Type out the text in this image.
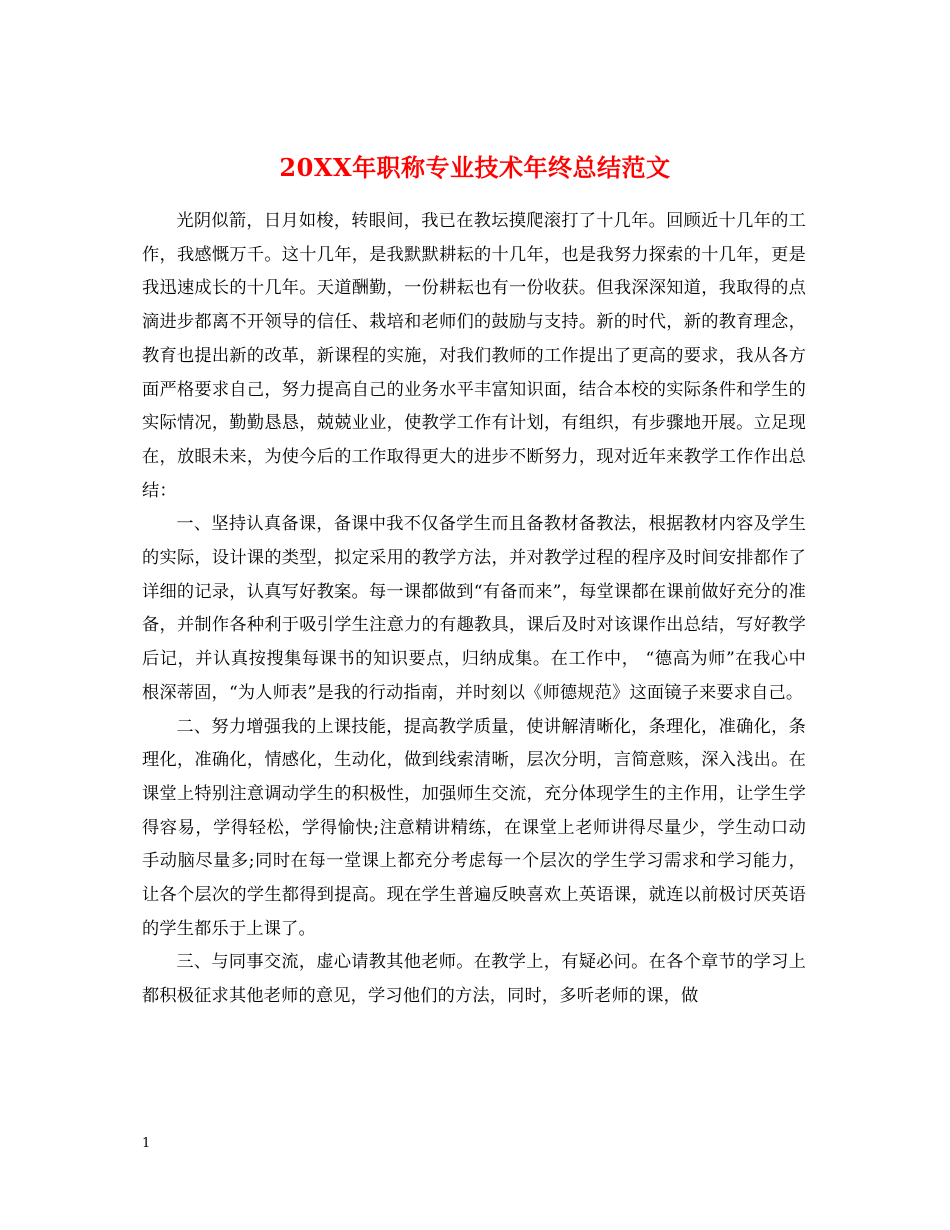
20XX年职称专业技术年终总结范文

光阴似箭，日月如梭，转眼间，我已在教坛摸爬滚打了十几年。回顾近十几年的工作，我感慨万千。这十几年，是我默默耕耘的十几年，也是我努力探索的十几年，更是我迅速成长的十几年。天道酬勤，一份耕耘也有一份收获。但我深深知道，我取得的点滴进步都离不开领导的信任、栽培和老师们的鼓励与支持。新的时代，新的教育理念，教育也提出新的改革，新课程的实施，对我们教师的工作提出了更高的要求，我从各方面严格要求自己，努力提高自己的业务水平丰富知识面，结合本校的实际条件和学生的实际情况，勤勤恳恳，兢兢业业，使教学工作有计划，有组织，有步骤地开展。立足现在，放眼未来，为使今后的工作取得更大的进步不断努力，现对近年来教学工作作出总结：

一、坚持认真备课，备课中我不仅备学生而且备教材备教法，根据教材内容及学生的实际，设计课的类型，拟定采用的教学方法，并对教学过程的程序及时间安排都作了详细的记录，认真写好教案。每一课都做到“有备而来”，每堂课都在课前做好充分的准备，并制作各种利于吸引学生注意力的有趣教具，课后及时对该课作出总结，写好教学后记，并认真按搜集每课书的知识要点，归纳成集。在工作中， “德高为师”在我心中根深蒂固，“为人师表”是我的行动指南，并时刻以《师德规范》这面镜子来要求自己。

二、努力增强我的上课技能，提高教学质量，使讲解清晰化，条理化，准确化，条理化，准确化，情感化，生动化，做到线索清晰，层次分明，言简意赅，深入浅出。在课堂上特别注意调动学生的积极性，加强师生交流，充分体现学生的主作用，让学生学得容易，学得轻松，学得愉快;注意精讲精练，在课堂上老师讲得尽量少，学生动口动手动脑尽量多;同时在每一堂课上都充分考虑每一个层次的学生学习需求和学习能力，让各个层次的学生都得到提高。现在学生普遍反映喜欢上英语课，就连以前极讨厌英语的学生都乐于上课了。

三、与同事交流，虚心请教其他老师。在教学上，有疑必问。在各个章节的学习上都积极征求其他老师的意见，学习他们的方法，同时，多听老师的课，做

1
